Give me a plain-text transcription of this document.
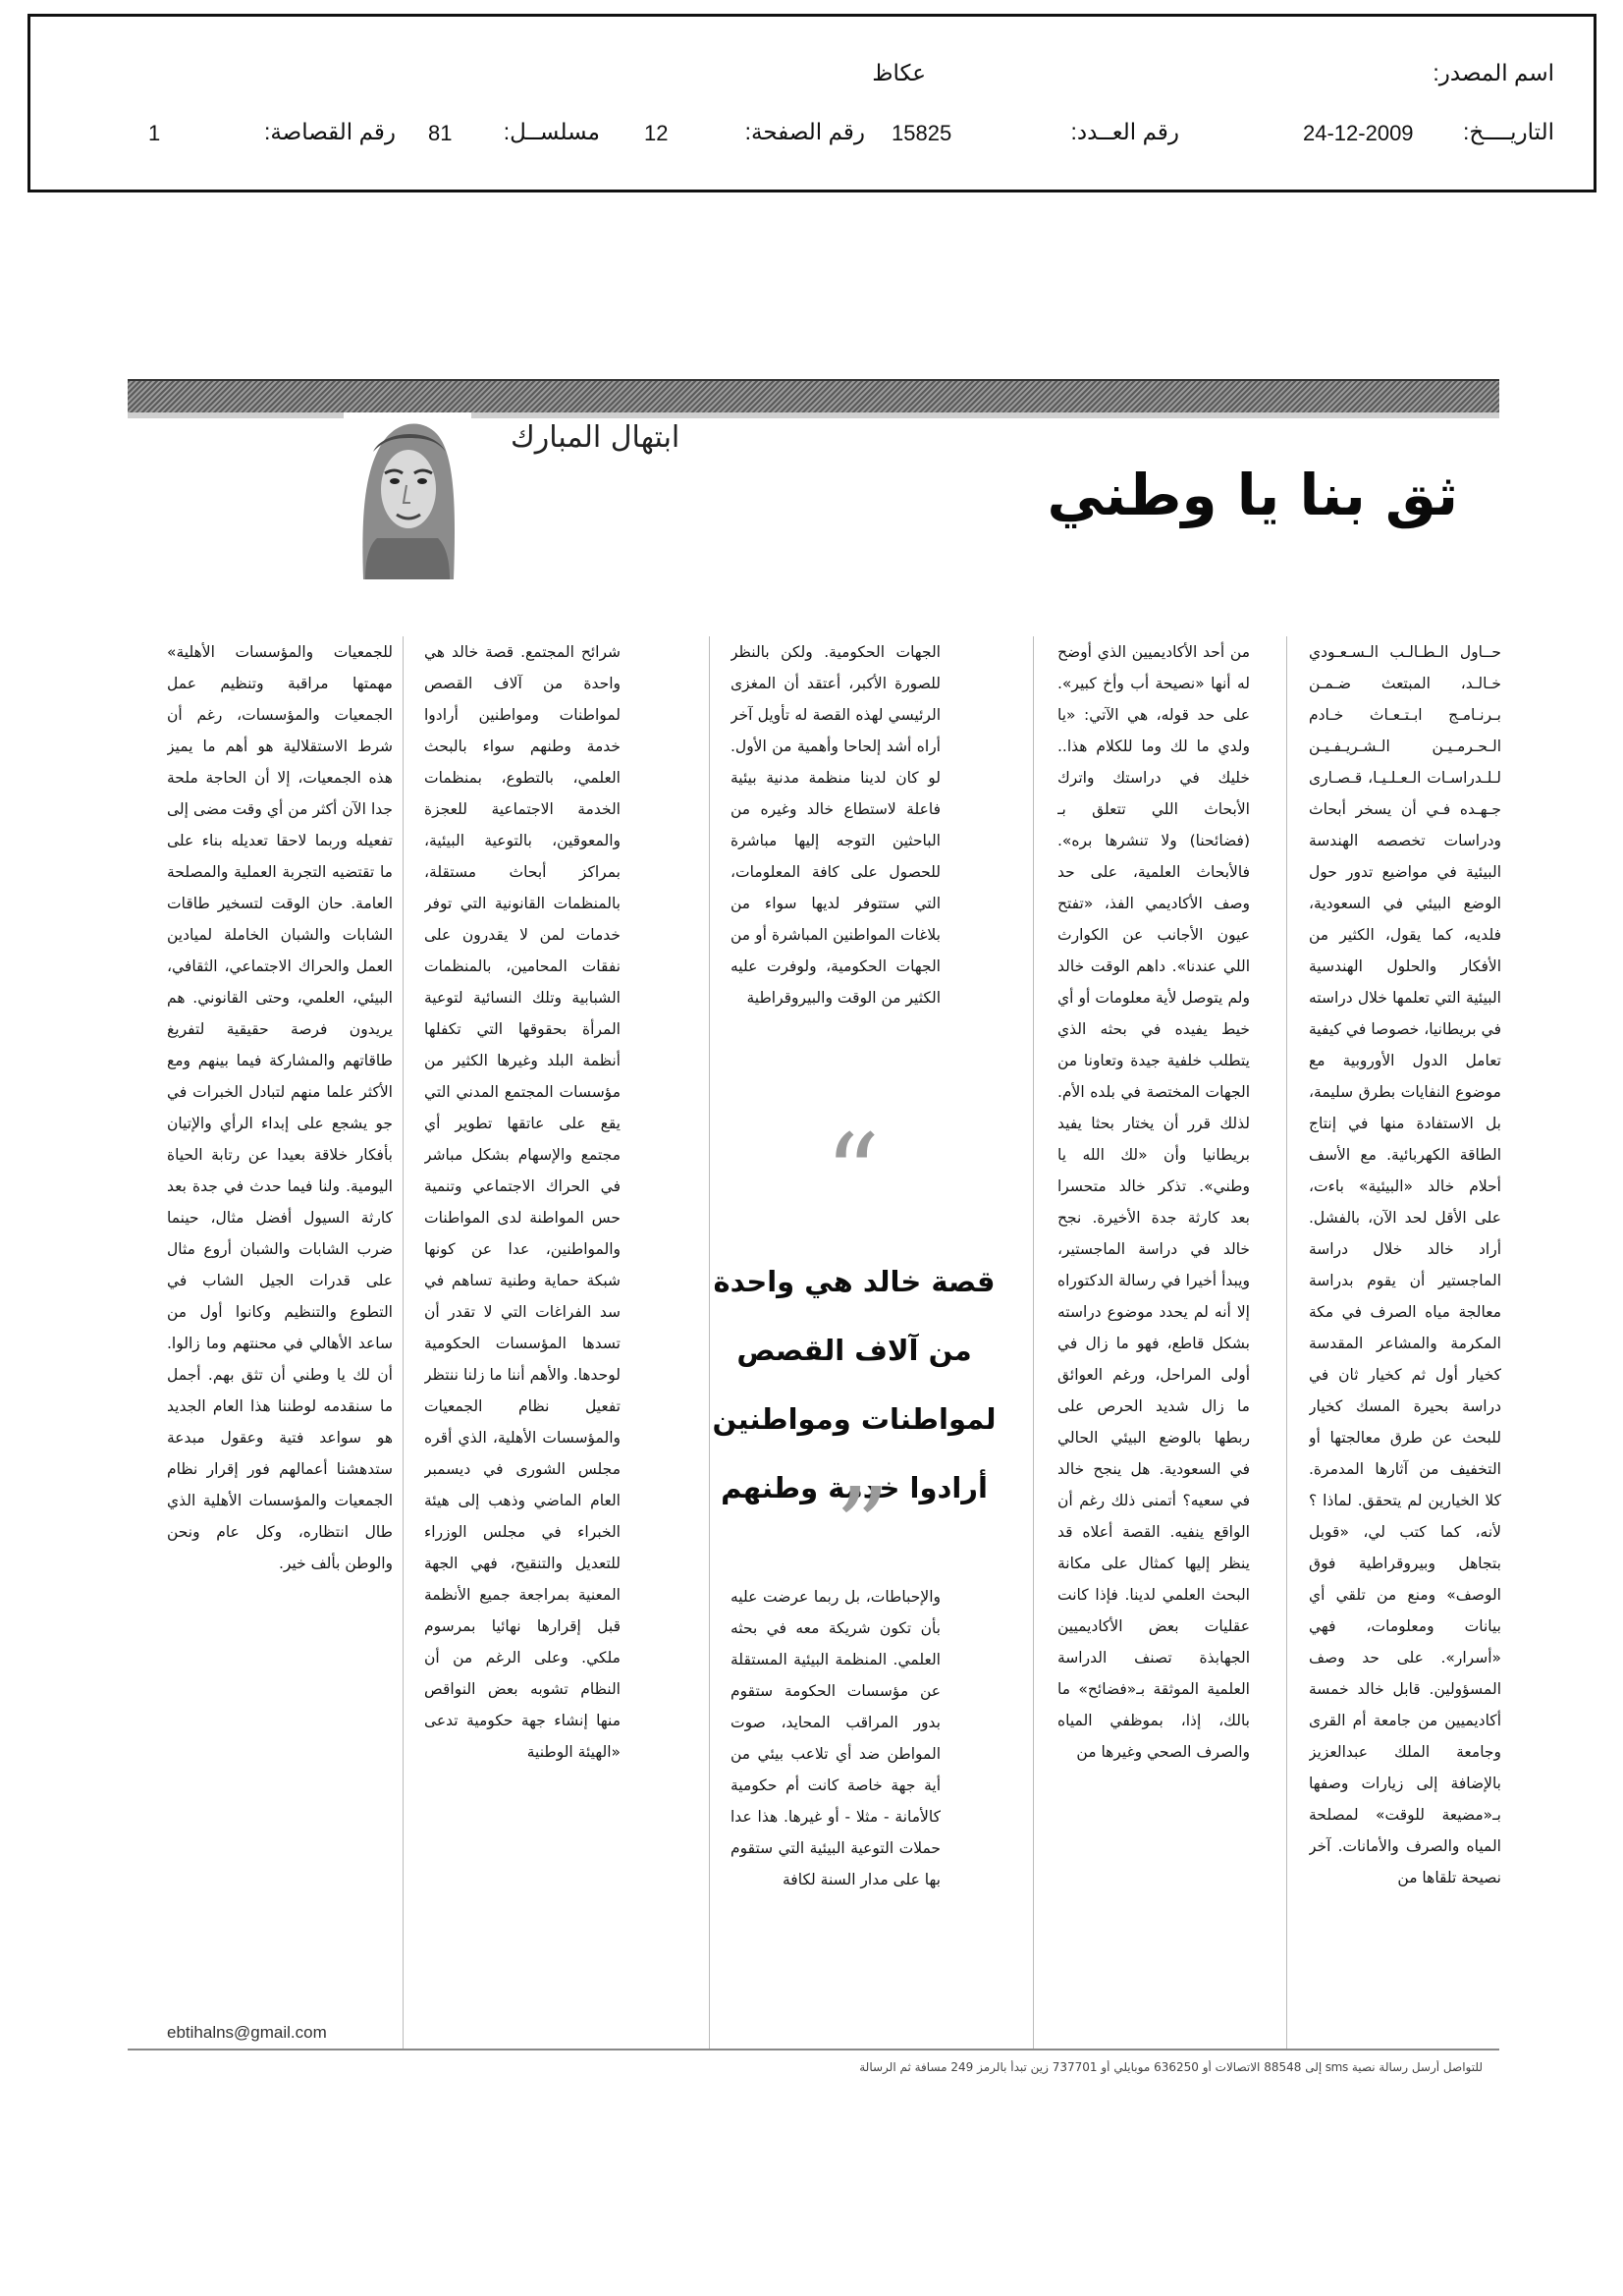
اسم المصدر:
عكاظ
التاريــــخ:
24-12-2009
رقم العــدد:
15825
رقم الصفحة:
12
مسلســل:
81
رقم القصاصة:
1
ثق بنا يا وطني
ابتهال المبارك

حــاول الـطـالـب الـسـعـودي خـالـد، المبتعث ضـمـن بـرنـامـج ابـتـعـاث خـادم الـحـرمـيـن الـشـريـفـيـن لـلـدراسـات الـعـلـيـا، قـصـارى جـهـده فـي أن يسخر أبحاث ودراسات تخصصه الهندسة البيئية في مواضيع تدور حول الوضع البيئي في السعودية، فلديه، كما يقول، الكثير من الأفكار والحلول الهندسية البيئية التي تعلمها خلال دراسته في بريطانيا، خصوصا في كيفية تعامل الدول الأوروبية مع موضوع النفايات بطرق سليمة، بل الاستفادة منها في إنتاج الطاقة الكهربائية. مع الأسف أحلام خالد «البيئية» باءت، على الأقل لحد الآن، بالفشل. أراد خالد خلال دراسة الماجستير أن يقوم بدراسة معالجة مياه الصرف في مكة المكرمة والمشاعر المقدسة كخيار أول ثم كخيار ثان في دراسة بحيرة المسك كخيار للبحث عن طرق معالجتها أو التخفيف من آثارها المدمرة. كلا الخيارين لم يتحقق. لماذا ؟ لأنه، كما كتب لي، «قوبل بتجاهل وبيروقراطية فوق الوصف» ومنع من تلقي أي بيانات ومعلومات، فهي «أسرار». على حد وصف المسؤولين. قابل خالد خمسة أكاديميين من جامعة أم القرى وجامعة الملك عبدالعزيز بالإضافة إلى زيارات وصفها بـ«مضيعة للوقت» لمصلحة المياه والصرف والأمانات. آخر نصيحة تلقاها من

من أحد الأكاديميين الذي أوضح له أنها «نصيحة أب وأخ كبير». على حد قوله، هي الآتي: «يا ولدي ما لك وما للكلام هذا.. خليك في دراستك واترك الأبحاث اللي تتعلق بـ (فضائحنا) ولا تنشرها بره». فالأبحاث العلمية، على حد وصف الأكاديمي الفذ، «تفتح عيون الأجانب عن الكوارث اللي عندنا». داهم الوقت خالد ولم يتوصل لأية معلومات أو أي خيط يفيده في بحثه الذي يتطلب خلفية جيدة وتعاونا من الجهات المختصة في بلده الأم. لذلك قرر أن يختار بحثا يفيد بريطانيا وأن «لك الله يا وطني». تذكر خالد متحسرا بعد كارثة جدة الأخيرة. نجح خالد في دراسة الماجستير، ويبدأ أخيرا في رسالة الدكتوراه إلا أنه لم يحدد موضوع دراسته بشكل قاطع، فهو ما زال في أولى المراحل، ورغم العوائق ما زال شديد الحرص على ربطها بالوضع البيئي الحالي في السعودية. هل ينجح خالد في سعيه؟ أتمنى ذلك رغم أن الواقع ينفيه. القصة أعلاه قد ينظر إليها كمثال على مكانة البحث العلمي لدينا. فإذا كانت عقليات بعض الأكاديميين الجهابذة تصنف الدراسة العلمية الموثقة بـ«فضائح» ما بالك، إذا، بموظفي المياه والصرف الصحي وغيرها من

الجهات الحكومية. ولكن بالنظر للصورة الأكبر، أعتقد أن المغزى الرئيسي لهذه القصة له تأويل آخر أراه أشد إلحاحا وأهمية من الأول. لو كان لدينا منظمة مدنية بيئية فاعلة لاستطاع خالد وغيره من الباحثين التوجه إليها مباشرة للحصول على كافة المعلومات، التي ستتوفر لديها سواء من بلاغات المواطنين المباشرة أو من الجهات الحكومية، ولوفرت عليه الكثير من الوقت والبيروقراطية

“
قصة خالد هي واحدة من آلاف القصص لمواطنات ومواطنين أرادوا خدمة وطنهم
”

والإحباطات، بل ربما عرضت عليه بأن تكون شريكة معه في بحثه العلمي. المنظمة البيئية المستقلة عن مؤسسات الحكومة ستقوم بدور المراقب المحايد، صوت المواطن ضد أي تلاعب بيئي من أية جهة خاصة كانت أم حكومية كالأمانة - مثلا - أو غيرها. هذا عدا حملات التوعية البيئية التي ستقوم بها على مدار السنة لكافة

شرائح المجتمع. قصة خالد هي واحدة من آلاف القصص لمواطنات ومواطنين أرادوا خدمة وطنهم سواء بالبحث العلمي، بالتطوع، بمنظمات الخدمة الاجتماعية للعجزة والمعوقين، بالتوعية البيئية، بمراكز أبحاث مستقلة، بالمنظمات القانونية التي توفر خدمات لمن لا يقدرون على نفقات المحامين، بالمنظمات الشبابية وتلك النسائية لتوعية المرأة بحقوقها التي تكفلها أنظمة البلد وغيرها الكثير من مؤسسات المجتمع المدني التي يقع على عاتقها تطوير أي مجتمع والإسهام بشكل مباشر في الحراك الاجتماعي وتنمية حس المواطنة لدى المواطنات والمواطنين، عدا عن كونها شبكة حماية وطنية تساهم في سد الفراغات التي لا تقدر أن تسدها المؤسسات الحكومية لوحدها. والأهم أننا ما زلنا ننتظر تفعيل نظام الجمعيات والمؤسسات الأهلية، الذي أقره مجلس الشورى في ديسمبر العام الماضي وذهب إلى هيئة الخبراء في مجلس الوزراء للتعديل والتنقيح، فهي الجهة المعنية بمراجعة جميع الأنظمة قبل إقرارها نهائيا بمرسوم ملكي. وعلى الرغم من أن النظام تشوبه بعض النواقص منها إنشاء جهة حكومية تدعى «الهيئة الوطنية

للجمعيات والمؤسسات الأهلية» مهمتها مراقبة وتنظيم عمل الجمعيات والمؤسسات، رغم أن شرط الاستقلالية هو أهم ما يميز هذه الجمعيات، إلا أن الحاجة ملحة جدا الآن أكثر من أي وقت مضى إلى تفعيله وربما لاحقا تعديله بناء على ما تقتضيه التجربة العملية والمصلحة العامة. حان الوقت لتسخير طاقات الشابات والشبان الخاملة لميادين العمل والحراك الاجتماعي، الثقافي، البيئي، العلمي، وحتى القانوني. هم يريدون فرصة حقيقية لتفريغ طاقاتهم والمشاركة فيما بينهم ومع الأكثر علما منهم لتبادل الخبرات في جو يشجع على إبداء الرأي والإتيان بأفكار خلاقة بعيدا عن رتابة الحياة اليومية. ولنا فيما حدث في جدة بعد كارثة السيول أفضل مثال، حينما ضرب الشابات والشبان أروع مثال على قدرات الجيل الشاب في التطوع والتنظيم وكانوا أول من ساعد الأهالي في محنتهم وما زالوا. أن لك يا وطني أن تثق بهم. أجمل ما سنقدمه لوطننا هذا العام الجديد هو سواعد فتية وعقول مبدعة ستدهشنا أعمالهم فور إقرار نظام الجمعيات والمؤسسات الأهلية الذي طال انتظاره، وكل عام ونحن والوطن بألف خير.

ebtihalns@gmail.com
للتواصل أرسل رسالة نصية sms إلى 88548 الاتصالات أو 636250 موبايلي أو 737701 زين تبدأ بالرمز 249 مسافة ثم الرسالة
